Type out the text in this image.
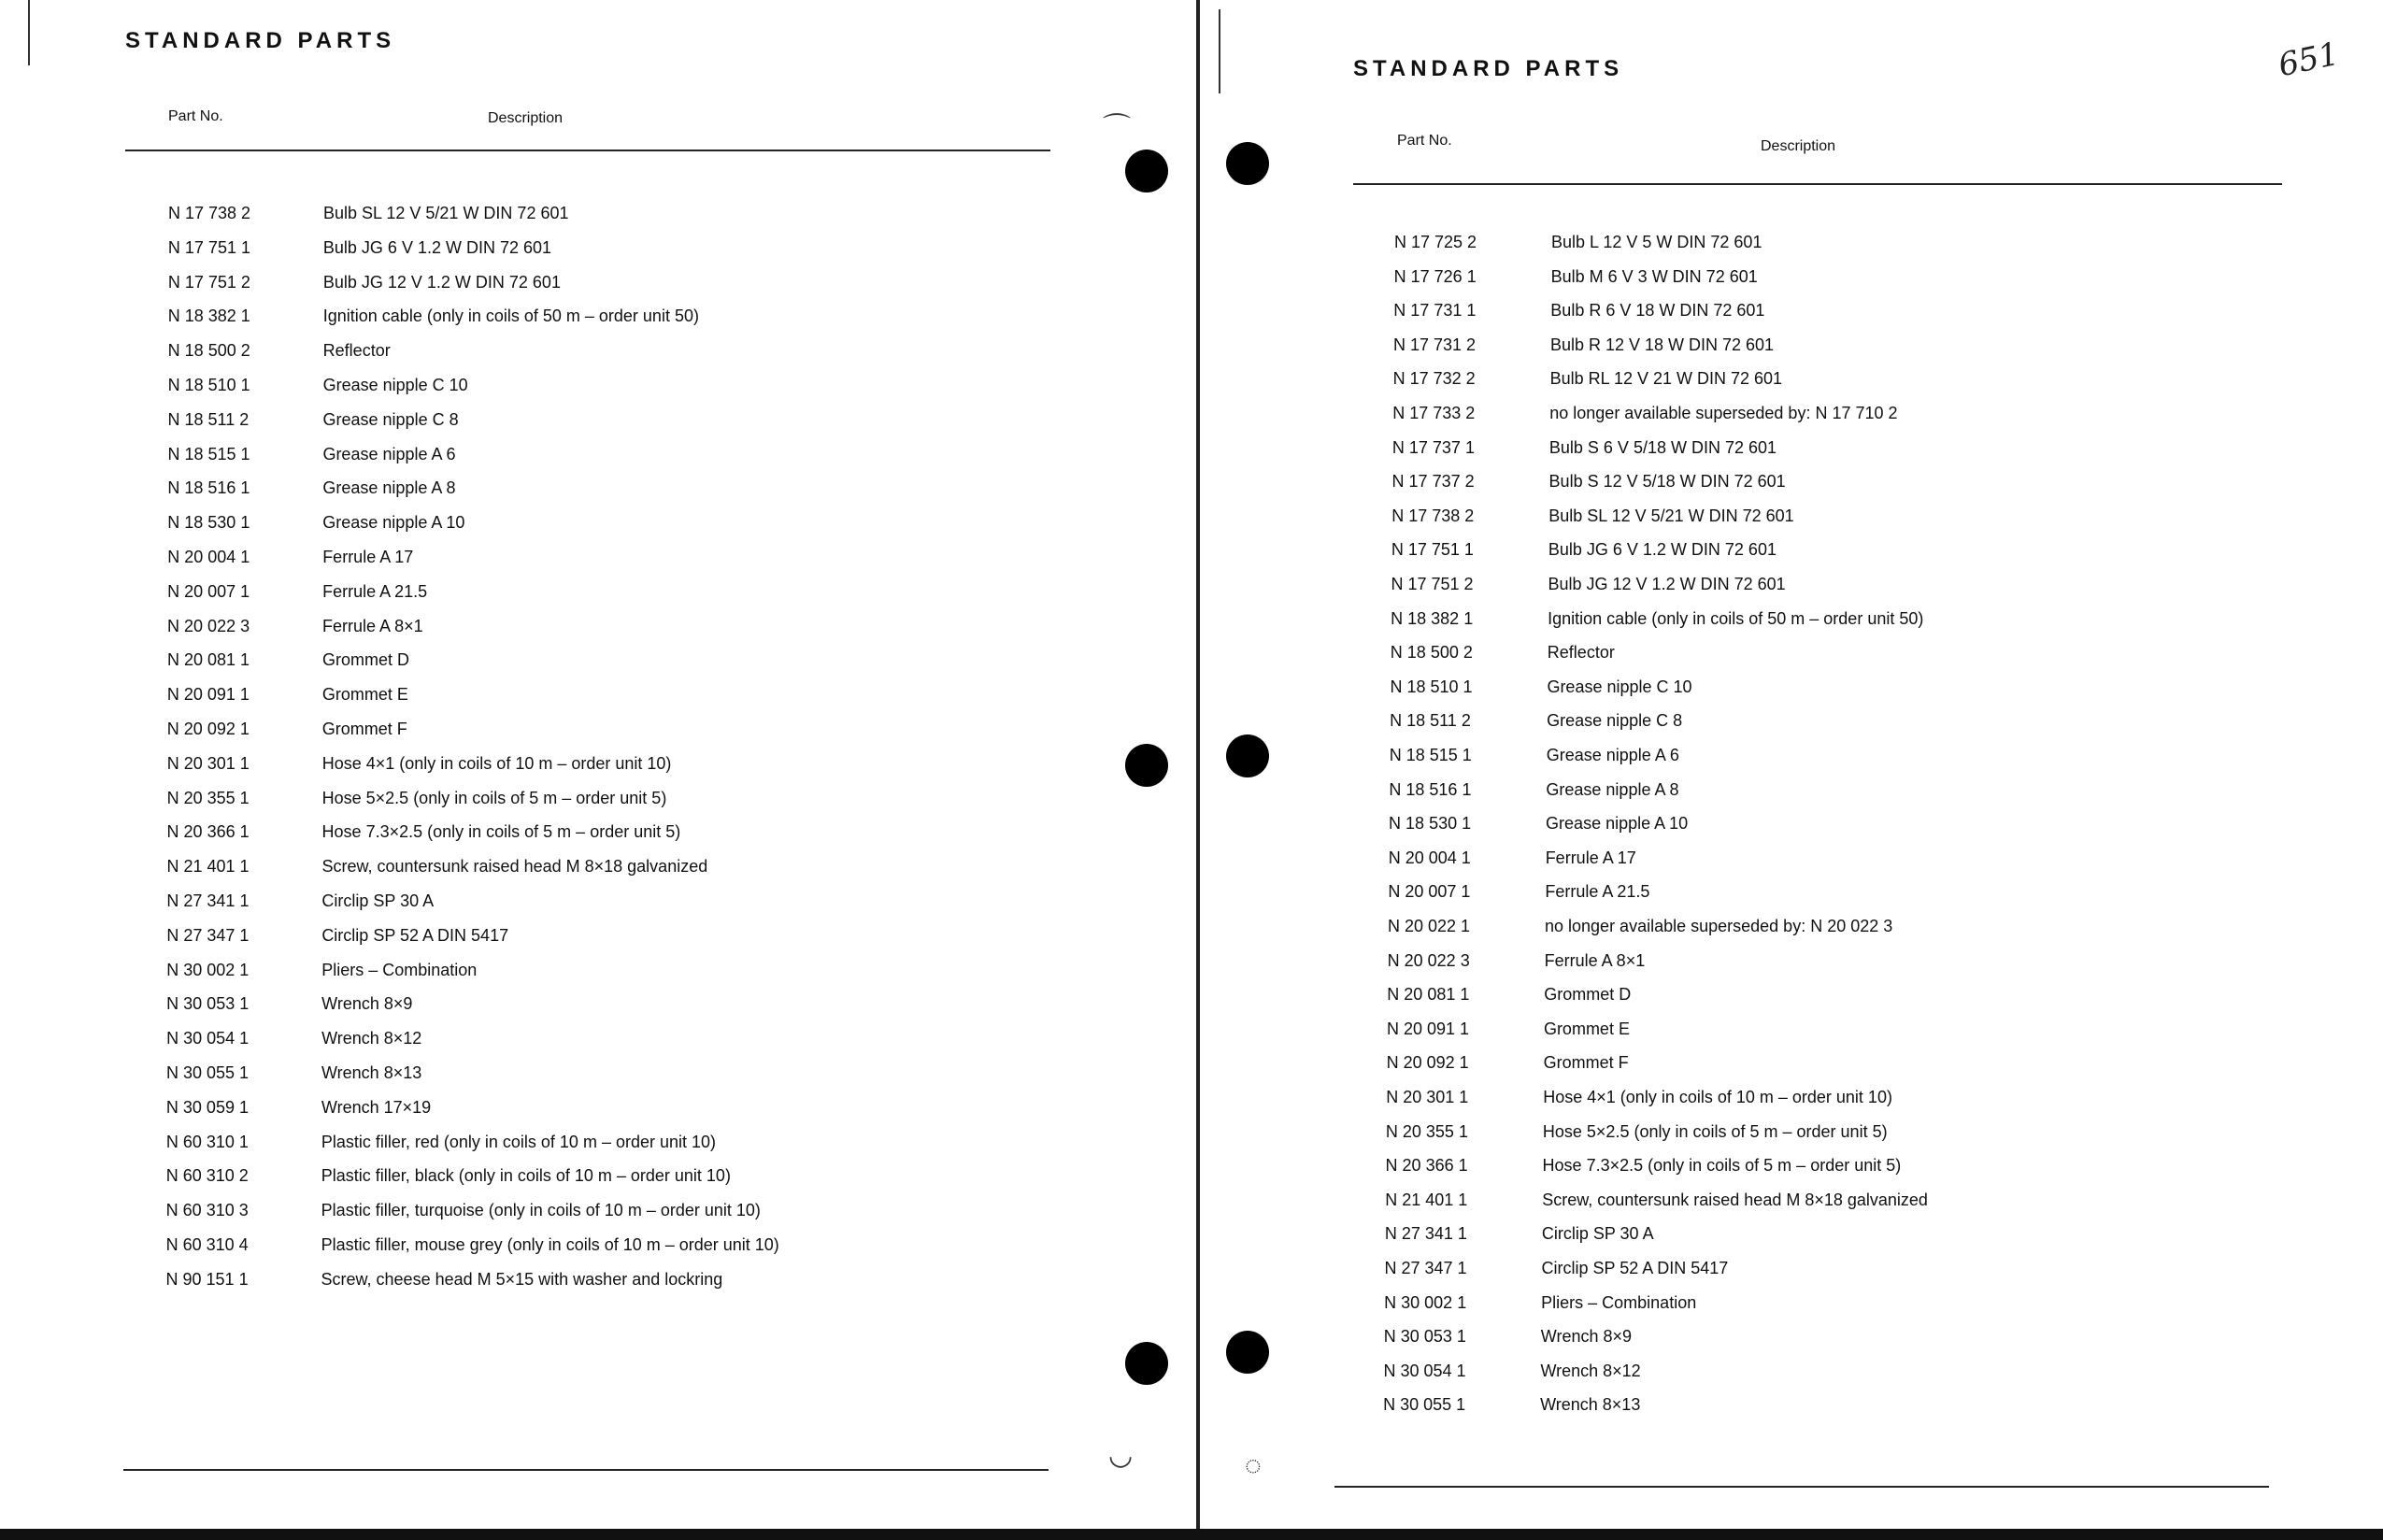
STANDARD PARTS
Part No.	Description
N 17 738 2	Bulb SL 12 V 5/21 W DIN 72 601
N 17 751 1	Bulb JG 6 V 1.2 W DIN 72 601
N 17 751 2	Bulb JG 12 V 1.2 W DIN 72 601
N 18 382 1	Ignition cable (only in coils of 50 m – order unit 50)
N 18 500 2	Reflector
N 18 510 1	Grease nipple C 10
N 18 511 2	Grease nipple C 8
N 18 515 1	Grease nipple A 6
N 18 516 1	Grease nipple A 8
N 18 530 1	Grease nipple A 10
N 20 004 1	Ferrule A 17
N 20 007 1	Ferrule A 21.5
N 20 022 3	Ferrule A 8×1
N 20 081 1	Grommet D
N 20 091 1	Grommet E
N 20 092 1	Grommet F
N 20 301 1	Hose 4×1 (only in coils of 10 m – order unit 10)
N 20 355 1	Hose 5×2.5 (only in coils of 5 m – order unit 5)
N 20 366 1	Hose 7.3×2.5 (only in coils of 5 m – order unit 5)
N 21 401 1	Screw, countersunk raised head M 8×18 galvanized
N 27 341 1	Circlip SP 30 A
N 27 347 1	Circlip SP 52 A DIN 5417
N 30 002 1	Pliers – Combination
N 30 053 1	Wrench 8×9
N 30 054 1	Wrench 8×12
N 30 055 1	Wrench 8×13
N 30 059 1	Wrench 17×19
N 60 310 1	Plastic filler, red (only in coils of 10 m – order unit 10)
N 60 310 2	Plastic filler, black (only in coils of 10 m – order unit 10)
N 60 310 3	Plastic filler, turquoise (only in coils of 10 m – order unit 10)
N 60 310 4	Plastic filler, mouse grey (only in coils of 10 m – order unit 10)
N 90 151 1	Screw, cheese head M 5×15 with washer and lockring
⌒
◡
STANDARD PARTS	651
Part No.	Description
N 17 725 2	Bulb L 12 V 5 W DIN 72 601
N 17 726 1	Bulb M 6 V 3 W DIN 72 601
N 17 731 1	Bulb R 6 V 18 W DIN 72 601
N 17 731 2	Bulb R 12 V 18 W DIN 72 601
N 17 732 2	Bulb RL 12 V 21 W DIN 72 601
N 17 733 2	no longer available superseded by: N 17 710 2
N 17 737 1	Bulb S 6 V 5/18 W DIN 72 601
N 17 737 2	Bulb S 12 V 5/18 W DIN 72 601
N 17 738 2	Bulb SL 12 V 5/21 W DIN 72 601
N 17 751 1	Bulb JG 6 V 1.2 W DIN 72 601
N 17 751 2	Bulb JG 12 V 1.2 W DIN 72 601
N 18 382 1	Ignition cable (only in coils of 50 m – order unit 50)
N 18 500 2	Reflector
N 18 510 1	Grease nipple C 10
N 18 511 2	Grease nipple C 8
N 18 515 1	Grease nipple A 6
N 18 516 1	Grease nipple A 8
N 18 530 1	Grease nipple A 10
N 20 004 1	Ferrule A 17
N 20 007 1	Ferrule A 21.5
N 20 022 1	no longer available superseded by: N 20 022 3
N 20 022 3	Ferrule A 8×1
N 20 081 1	Grommet D
N 20 091 1	Grommet E
N 20 092 1	Grommet F
N 20 301 1	Hose 4×1 (only in coils of 10 m – order unit 10)
N 20 355 1	Hose 5×2.5 (only in coils of 5 m – order unit 5)
N 20 366 1	Hose 7.3×2.5 (only in coils of 5 m – order unit 5)
N 21 401 1	Screw, countersunk raised head M 8×18 galvanized
N 27 341 1	Circlip SP 30 A
N 27 347 1	Circlip SP 52 A DIN 5417
N 30 002 1	Pliers – Combination
N 30 053 1	Wrench 8×9
N 30 054 1	Wrench 8×12
N 30 055 1	Wrench 8×13
◌
